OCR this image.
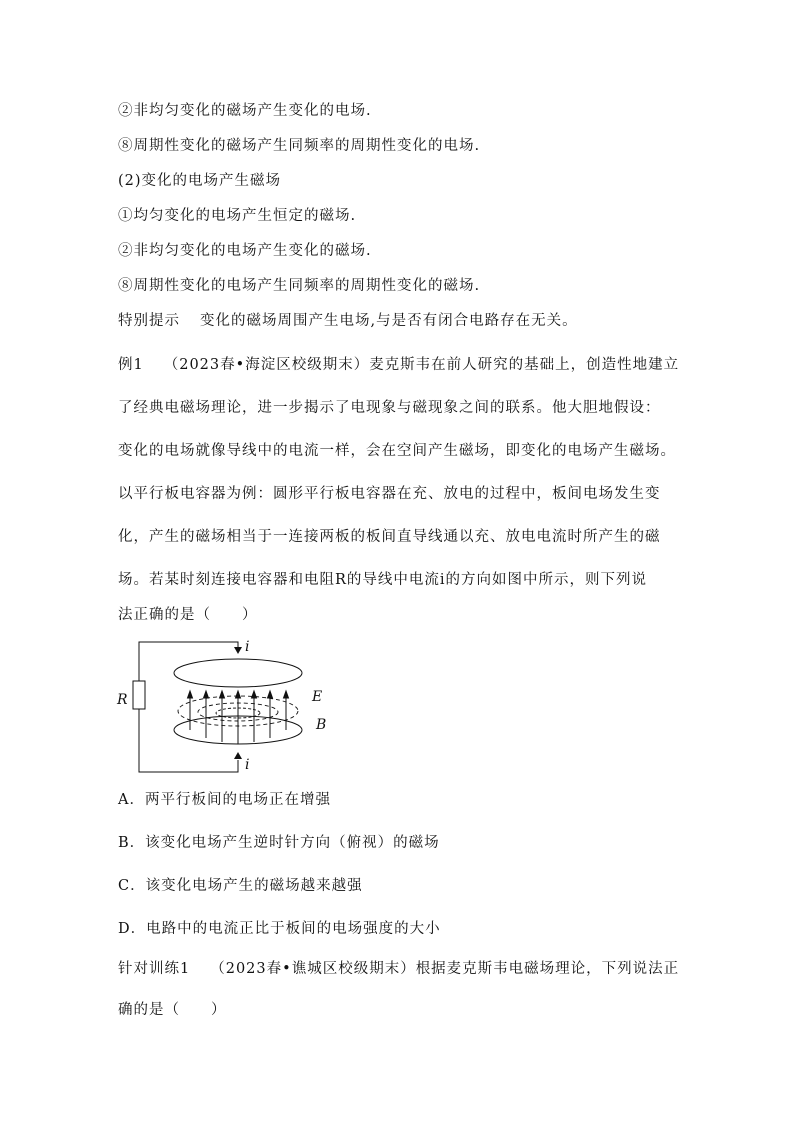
②非均匀变化的磁场产生变化的电场.
⑧周期性变化的磁场产生同频率的周期性变化的电场.
(2)变化的电场产生磁场
①均匀变化的电场产生恒定的磁场.
②非均匀变化的电场产生变化的磁场.
⑧周期性变化的电场产生同频率的周期性变化的磁场.
特别提示 变化的磁场周围产生电场,与是否有闭合电路存在无关。
例1 （2023春•海淀区校级期末）麦克斯韦在前人研究的基础上，创造性地建立
了经典电磁场理论，进一步揭示了电现象与磁现象之间的联系。他大胆地假设：
变化的电场就像导线中的电流一样，会在空间产生磁场，即变化的电场产生磁场。
以平行板电容器为例：圆形平行板电容器在充、放电的过程中，板间电场发生变
化，产生的磁场相当于一连接两板的板间直导线通以充、放电电流时所产生的磁
场。若某时刻连接电容器和电阻R的导线中电流i的方向如图中所示，则下列说
法正确的是（　　）
i
i
R	E
B
A．两平行板间的电场正在增强
B．该变化电场产生逆时针方向（俯视）的磁场
C．该变化电场产生的磁场越来越强
D．电路中的电流正比于板间的电场强度的大小
针对训练1 （2023春•谯城区校级期末）根据麦克斯韦电磁场理论，下列说法正
确的是（　　）
